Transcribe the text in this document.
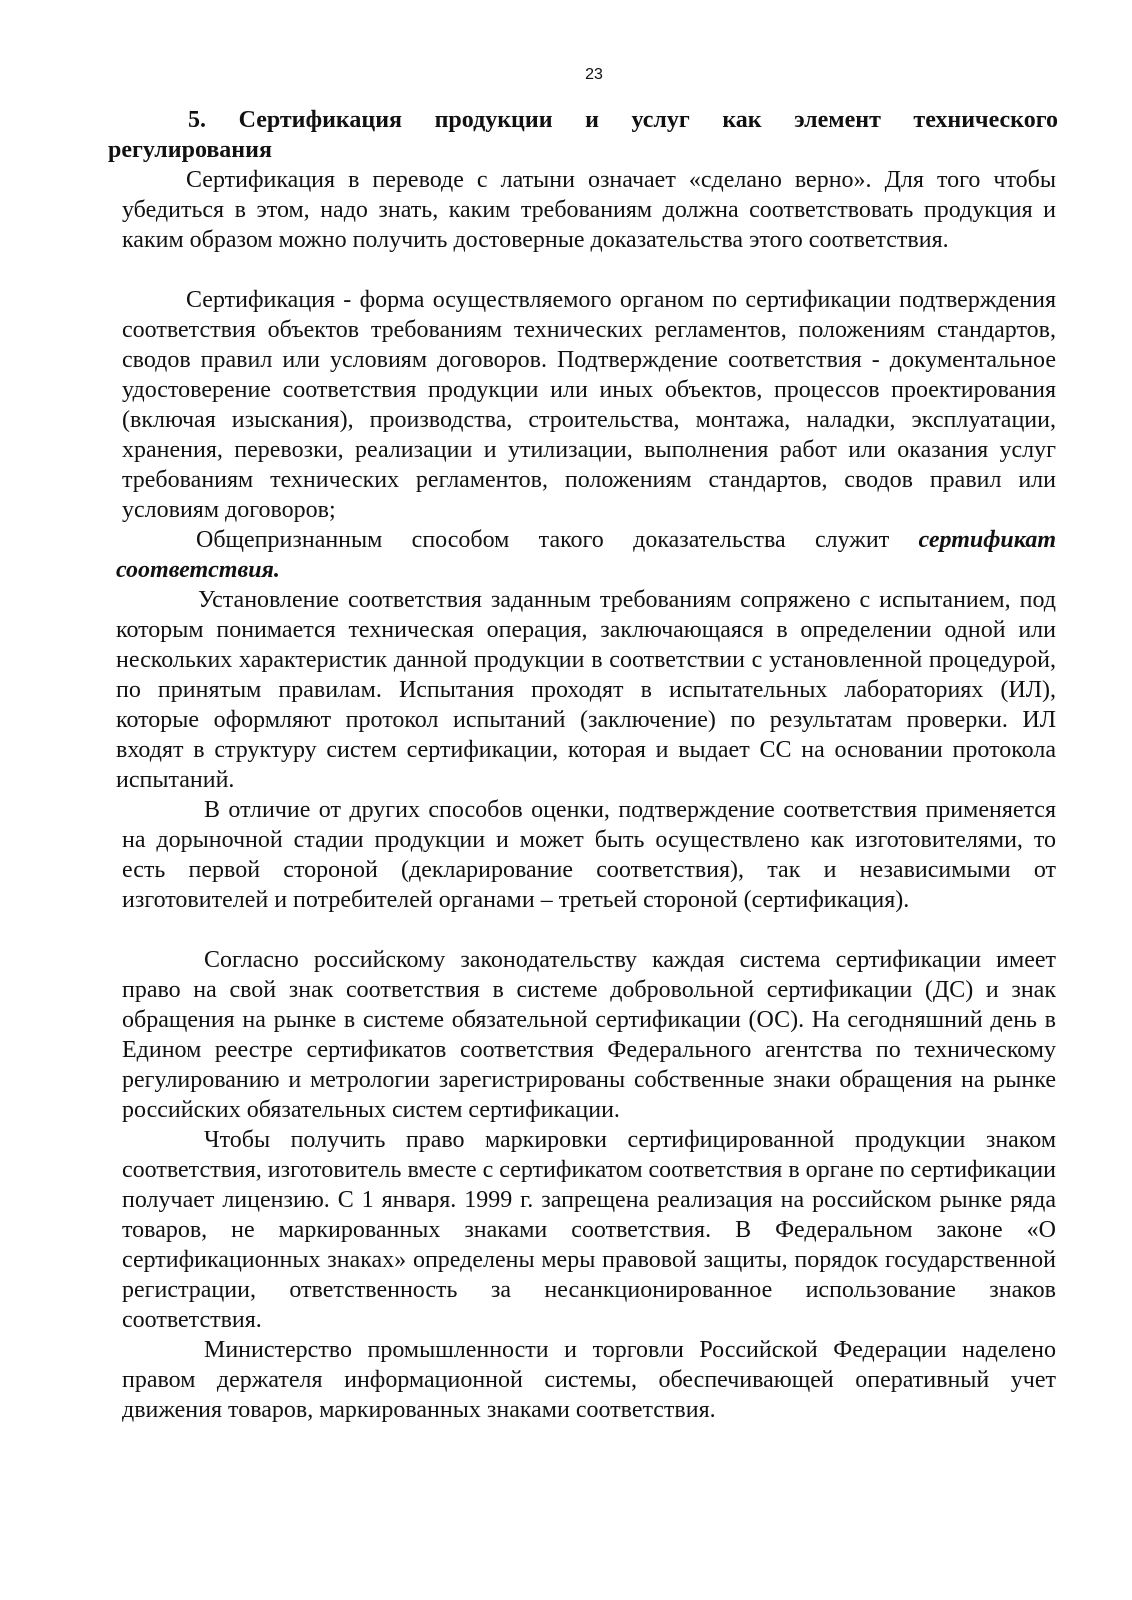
23
5. Сертификация продукции и услуг как элемент технического
регулирования

Сертификация в переводе с латыни означает «сделано верно». Для того чтобы убедиться в этом, надо знать, каким требованиям должна соответствовать продукция и каким образом можно получить достоверные доказательства этого соответствия.

Сертификация - форма осуществляемого органом по сертификации подтверждения соответствия объектов требованиям технических регламентов, положениям стандартов, сводов правил или условиям договоров. Подтверждение соответствия - документальное удостоверение соответствия продукции или иных объектов, процессов проектирования (включая изыскания), производства, строительства, монтажа, наладки, эксплуатации, хранения, перевозки, реализации и утилизации, выполнения работ или оказания услуг требованиям технических регламентов, положениям стандартов, сводов правил или условиям договоров;

Общепризнанным способом такого доказательства служит сертификат соответствия.

Установление соответствия заданным требованиям сопряжено с испытанием, под которым понимается техническая операция, заключающаяся в определении одной или нескольких характеристик данной продукции в соответствии с установленной процедурой, по принятым правилам. Испытания проходят в испытательных лабораториях (ИЛ), которые оформляют протокол испытаний (заключение) по результатам проверки. ИЛ входят в структуру систем сертификации, которая и выдает СС на основании протокола испытаний.

В отличие от других способов оценки, подтверждение соответствия применяется на дорыночной стадии продукции и может быть осуществлено как изготовителями, то есть первой стороной (декларирование соответствия), так и независимыми от изготовителей и потребителей органами – третьей стороной (сертификация).

Согласно российскому законодательству каждая система сертификации имеет право на свой знак соответствия в системе добровольной сертификации (ДС) и знак обращения на рынке в системе обязательной сертификации (ОС). На сегодняшний день в Едином реестре сертификатов соответствия Федерального агентства по техническому регулированию и метрологии зарегистрированы собственные знаки обращения на рынке российских обязательных систем сертификации.

Чтобы получить право маркировки сертифицированной продукции знаком соответствия, изготовитель вместе с сертификатом соответствия в органе по сертификации получает лицензию. С 1 января. 1999 г. запрещена реализация на российском рынке ряда товаров, не маркированных знаками соответствия. В Федеральном законе «О сертификационных знаках» определены меры правовой защиты, порядок государственной регистрации, ответственность за несанкционированное использование знаков соответствия.

Министерство промышленности и торговли Российской Федерации наделено правом держателя информационной системы, обеспечивающей оперативный учет движения товаров, маркированных знаками соответствия.
